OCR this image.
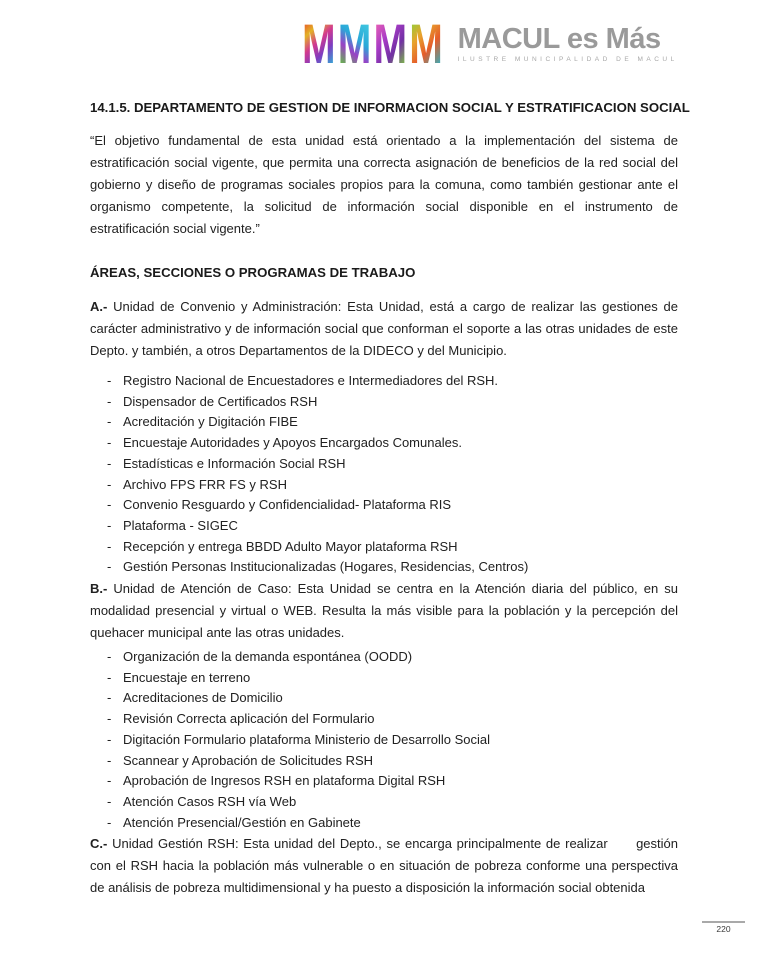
M M M M MACUL es Más
ILUSTRE MUNICIPALIDAD DE MACUL
14.1.5. DEPARTAMENTO DE GESTION DE INFORMACION SOCIAL Y ESTRATIFICACION SOCIAL

“El objetivo fundamental de esta unidad está orientado a la implementación del sistema de estratificación social vigente, que permita una correcta asignación de beneficios de la red social del gobierno y diseño de programas sociales propios para la comuna, como también gestionar ante el organismo competente, la solicitud de información social disponible en el instrumento de estratificación social vigente.”

ÁREAS, SECCIONES O PROGRAMAS DE TRABAJO

A.- Unidad de Convenio y Administración: Esta Unidad, está a cargo de realizar las gestiones de carácter administrativo y de información social que conforman el soporte a las otras unidades de este Depto. y también, a otros Departamentos de la DIDECO y del Municipio.

- Registro Nacional de Encuestadores e Intermediadores del RSH.
- Dispensador de Certificados RSH
- Acreditación y Digitación FIBE
- Encuestaje Autoridades y Apoyos Encargados Comunales.
- Estadísticas e Información Social RSH
- Archivo FPS FRR FS y RSH
- Convenio Resguardo y Confidencialidad- Plataforma RIS
- Plataforma - SIGEC
- Recepción y entrega BBDD Adulto Mayor plataforma RSH
- Gestión Personas Institucionalizadas (Hogares, Residencias, Centros)

B.- Unidad de Atención de Caso: Esta Unidad se centra en la Atención diaria del público, en su modalidad presencial y virtual o WEB. Resulta la más visible para la población y la percepción del quehacer municipal ante las otras unidades.

- Organización de la demanda espontánea (OODD)
- Encuestaje en terreno
- Acreditaciones de Domicilio
- Revisión Correcta aplicación del Formulario
- Digitación Formulario plataforma Ministerio de Desarrollo Social
- Scannear y Aprobación de Solicitudes RSH
- Aprobación de Ingresos RSH en plataforma Digital RSH
- Atención Casos RSH vía Web
- Atención Presencial/Gestión en Gabinete

C.- Unidad Gestión RSH: Esta unidad del Depto., se encarga principalmente de realizar      gestión con el RSH hacia la población más vulnerable o en situación de pobreza conforme una perspectiva de análisis de pobreza multidimensional y ha puesto a disposición la información social obtenida

220
